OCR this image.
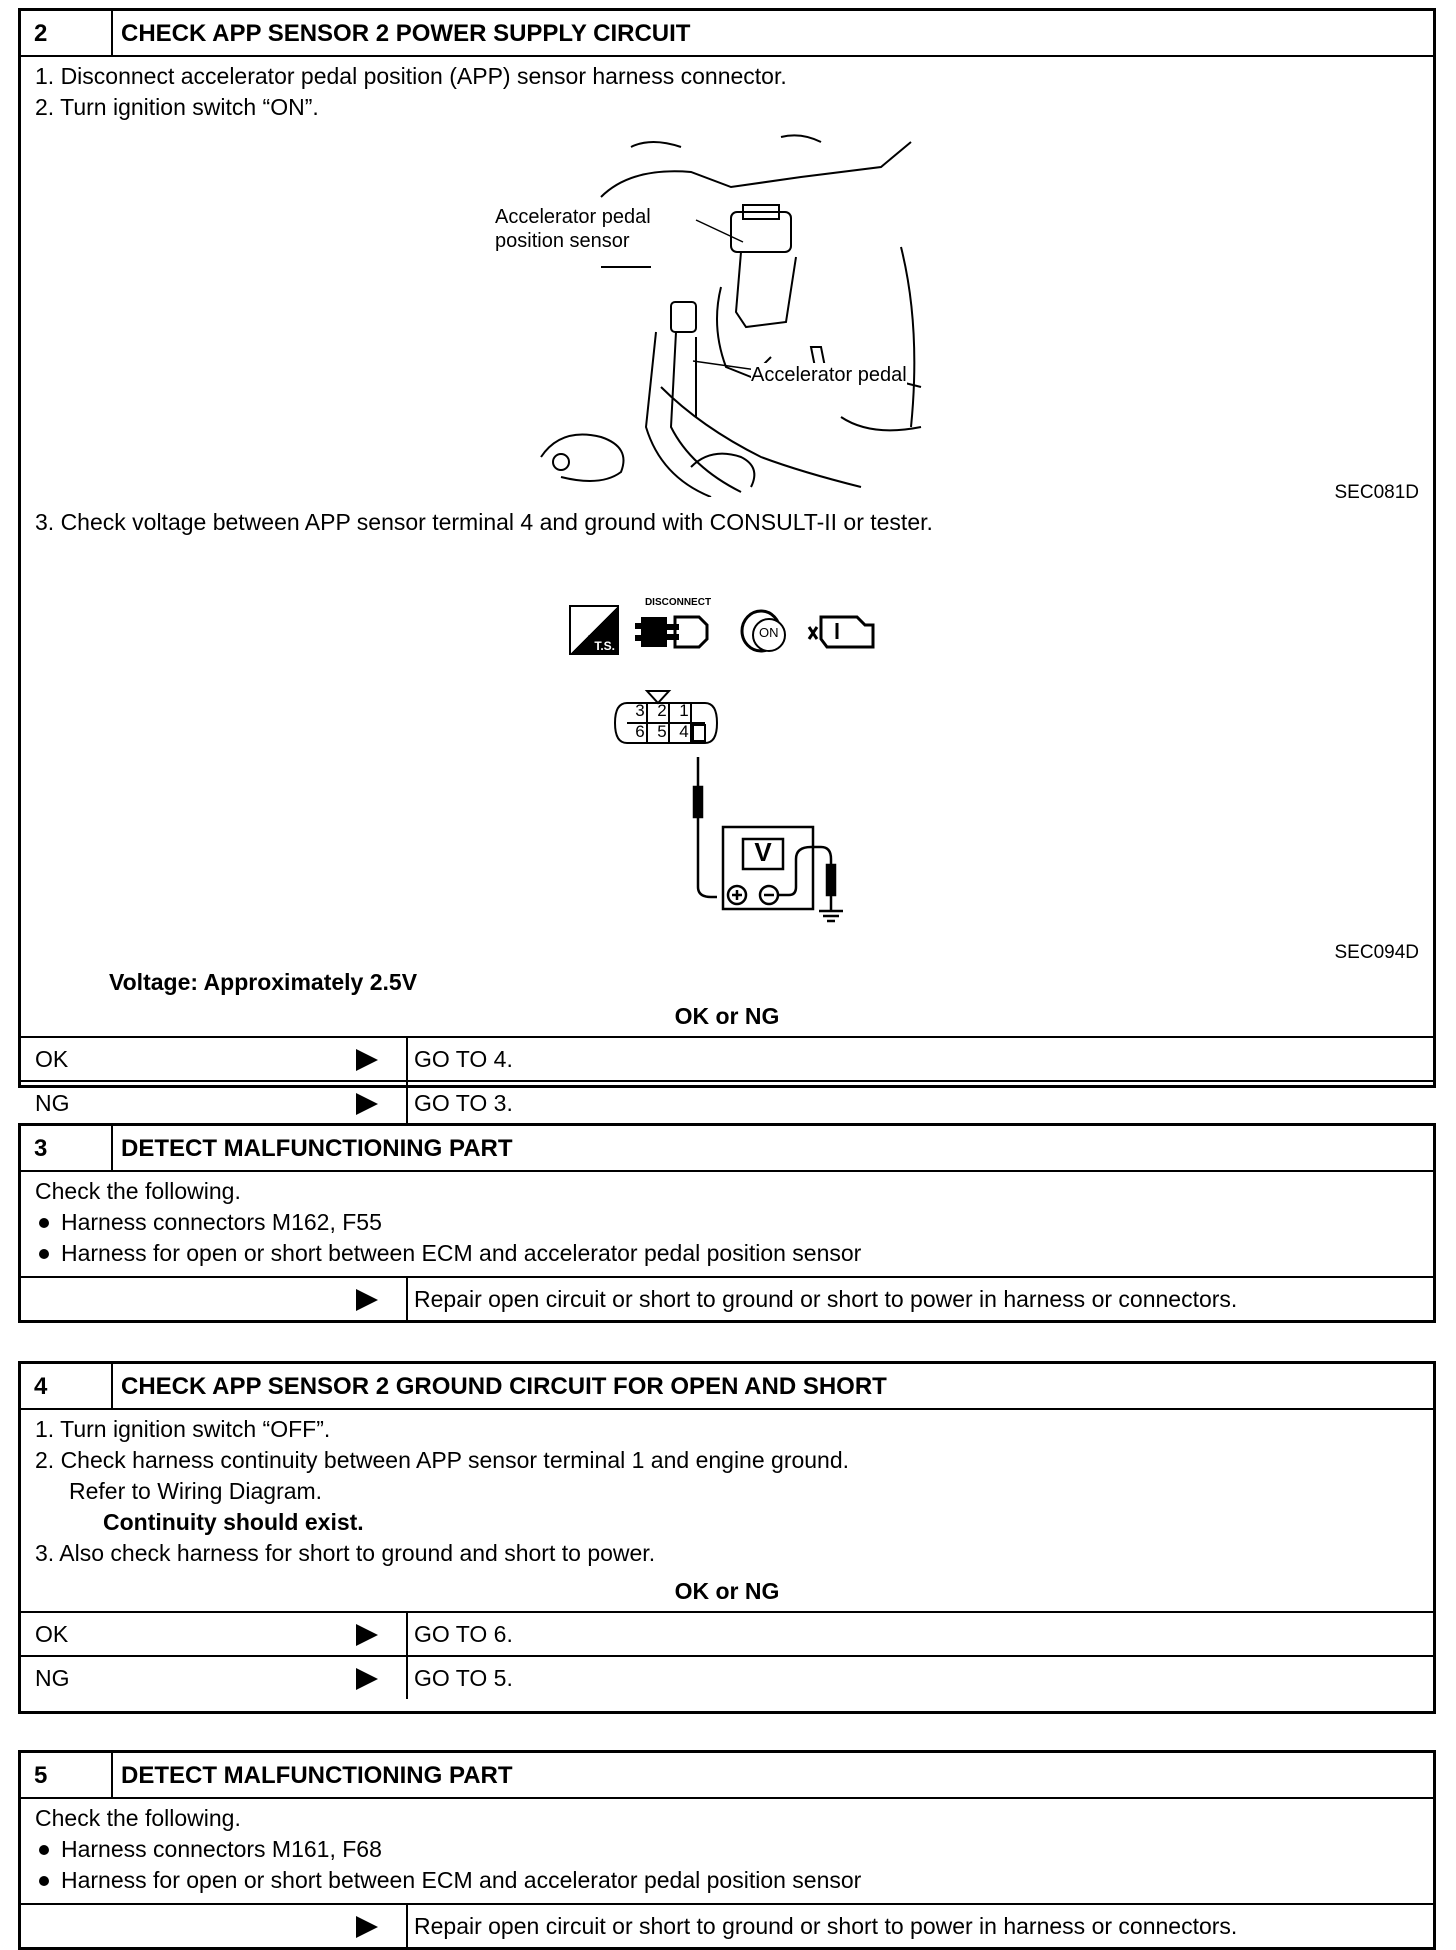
2	CHECK APP SENSOR 2 POWER SUPPLY CIRCUIT
1. Disconnect accelerator pedal position (APP) sensor harness connector.
2. Turn ignition switch “ON”.
Accelerator pedal
position sensor
Accelerator pedal
SEC081D
3. Check voltage between APP sensor terminal 4 and ground with CONSULT-II or tester.
T.S.
DISCONNECT
ON
3 2 1
6 5 4
V
SEC094D
Voltage: Approximately 2.5V
OK or NG
OK	GO TO 4.
NG	GO TO 3.
3	DETECT MALFUNCTIONING PART
Check the following.
Harness connectors M162, F55
Harness for open or short between ECM and accelerator pedal position sensor
Repair open circuit or short to ground or short to power in harness or connectors.
4	CHECK APP SENSOR 2 GROUND CIRCUIT FOR OPEN AND SHORT
1. Turn ignition switch “OFF”.
2. Check harness continuity between APP sensor terminal 1 and engine ground.
Refer to Wiring Diagram.
Continuity should exist.
3. Also check harness for short to ground and short to power.
OK or NG
OK	GO TO 6.
NG	GO TO 5.
5	DETECT MALFUNCTIONING PART
Check the following.
Harness connectors M161, F68
Harness for open or short between ECM and accelerator pedal position sensor
Repair open circuit or short to ground or short to power in harness or connectors.
